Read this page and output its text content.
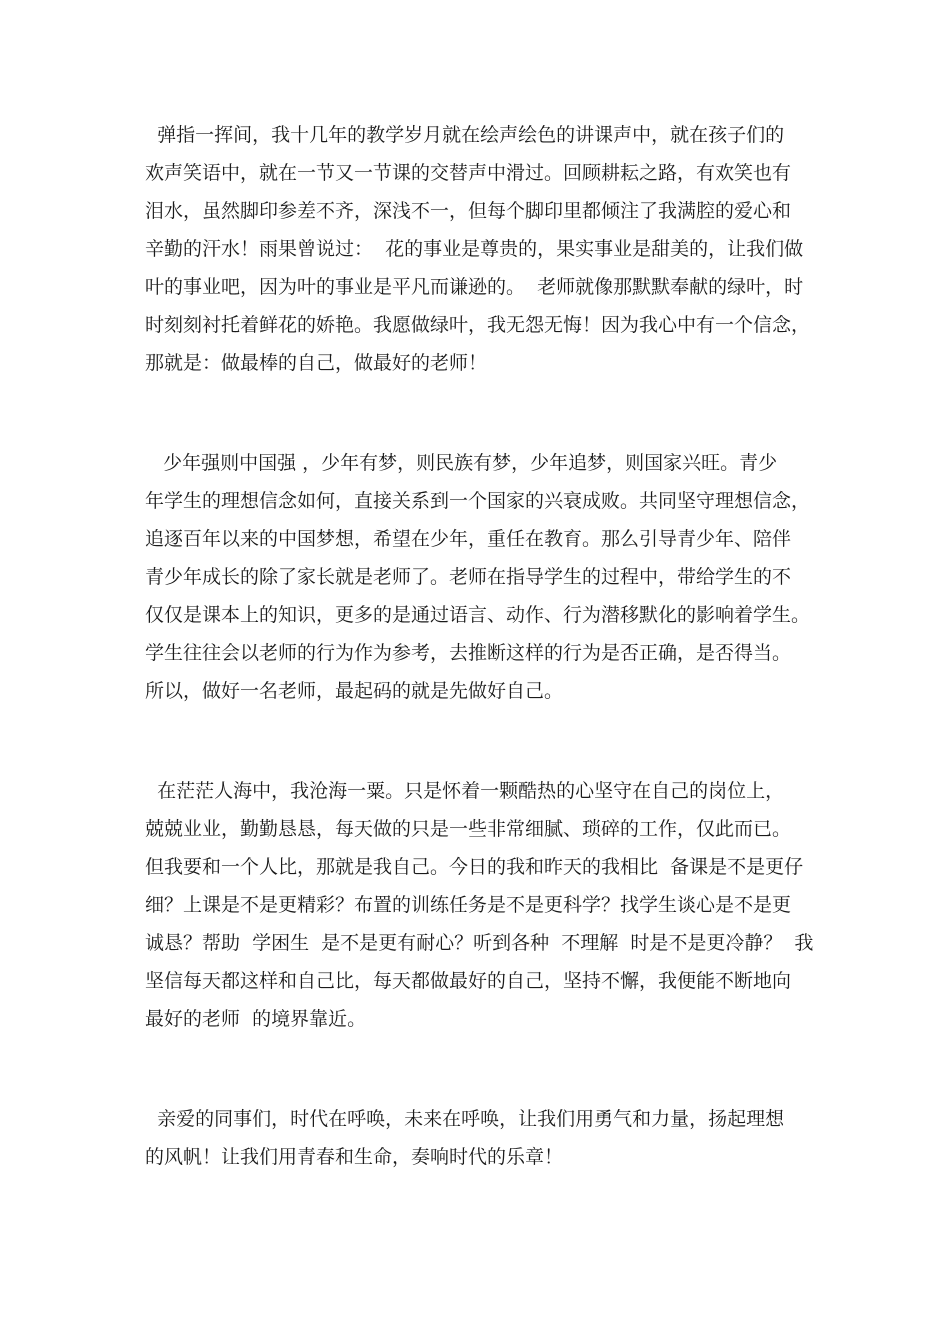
弹指一挥间，我十几年的教学岁月就在绘声绘色的讲课声中，就在孩子们的
欢声笑语中，就在一节又一节课的交替声中滑过。回顾耕耘之路，有欢笑也有
泪水，虽然脚印参差不齐，深浅不一，但每个脚印里都倾注了我满腔的爱心和
辛勤的汗水！雨果曾说过：  花的事业是尊贵的，果实事业是甜美的，让我们做
叶的事业吧，因为叶的事业是平凡而谦逊的。  老师就像那默默奉献的绿叶，时
时刻刻衬托着鲜花的娇艳。我愿做绿叶，我无怨无悔！因为我心中有一个信念，
那就是：做最棒的自己，做最好的老师！
少年强则中国强 ，少年有梦，则民族有梦，少年追梦，则国家兴旺。青少
年学生的理想信念如何，直接关系到一个国家的兴衰成败。共同坚守理想信念，
追逐百年以来的中国梦想，希望在少年，重任在教育。那么引导青少年、陪伴
青少年成长的除了家长就是老师了。老师在指导学生的过程中，带给学生的不
仅仅是课本上的知识，更多的是通过语言、动作、行为潜移默化的影响着学生。
学生往往会以老师的行为作为参考，去推断这样的行为是否正确，是否得当。
所以，做好一名老师，最起码的就是先做好自己。
在茫茫人海中，我沧海一粟。只是怀着一颗酷热的心坚守在自己的岗位上，
兢兢业业，勤勤恳恳，每天做的只是一些非常细腻、琐碎的工作，仅此而已。
但我要和一个人比，那就是我自己。今日的我和昨天的我相比  备课是不是更仔
细？上课是不是更精彩？布置的训练任务是不是更科学？找学生谈心是不是更
诚恳？帮助  学困生  是不是更有耐心？听到各种  不理解  时是不是更冷静？  我
坚信每天都这样和自己比，每天都做最好的自己，坚持不懈，我便能不断地向
最好的老师  的境界靠近。
亲爱的同事们，时代在呼唤，未来在呼唤，让我们用勇气和力量，扬起理想
的风帆！让我们用青春和生命，奏响时代的乐章！
